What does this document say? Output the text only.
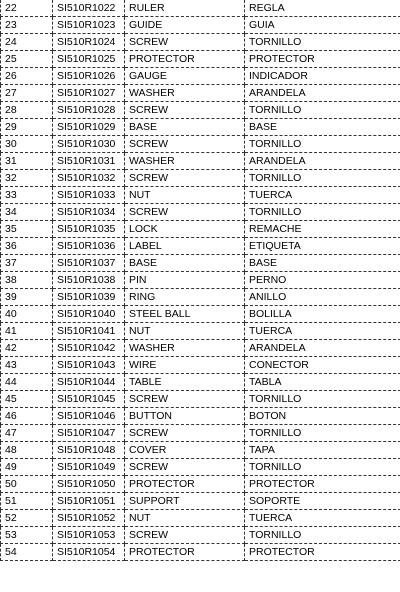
22	SI510R1022	RULER	REGLA
23	SI510R1023	GUIDE	GUIA
24	SI510R1024	SCREW	TORNILLO
25	SI510R1025	PROTECTOR	PROTECTOR
26	SI510R1026	GAUGE	INDICADOR
27	SI510R1027	WASHER	ARANDELA
28	SI510R1028	SCREW	TORNILLO
29	SI510R1029	BASE	BASE
30	SI510R1030	SCREW	TORNILLO
31	SI510R1031	WASHER	ARANDELA
32	SI510R1032	SCREW	TORNILLO
33	SI510R1033	NUT	TUERCA
34	SI510R1034	SCREW	TORNILLO
35	SI510R1035	LOCK	REMACHE
36	SI510R1036	LABEL	ETIQUETA
37	SI510R1037	BASE	BASE
38	SI510R1038	PIN	PERNO
39	SI510R1039	RING	ANILLO
40	SI510R1040	STEEL BALL	BOLILLA
41	SI510R1041	NUT	TUERCA
42	SI510R1042	WASHER	ARANDELA
43	SI510R1043	WIRE	CONECTOR
44	SI510R1044	TABLE	TABLA
45	SI510R1045	SCREW	TORNILLO
46	SI510R1046	BUTTON	BOTON
47	SI510R1047	SCREW	TORNILLO
48	SI510R1048	COVER	TAPA
49	SI510R1049	SCREW	TORNILLO
50	SI510R1050	PROTECTOR	PROTECTOR
51	SI510R1051	SUPPORT	SOPORTE
52	SI510R1052	NUT	TUERCA
53	SI510R1053	SCREW	TORNILLO
54	SI510R1054	PROTECTOR	PROTECTOR
